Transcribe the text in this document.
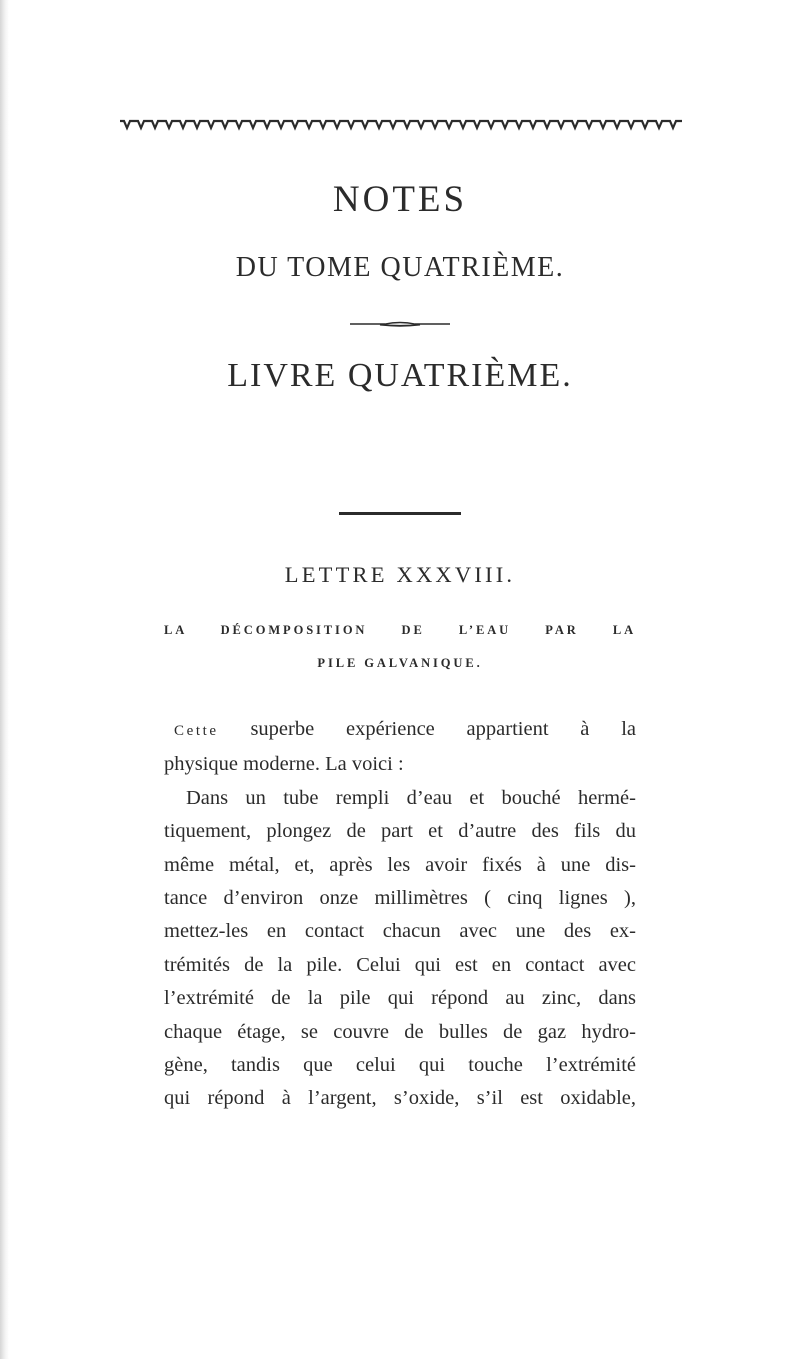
NOTES
DU TOME QUATRIÈME.
LIVRE QUATRIÈME.
LETTRE XXXVIII.
LA DÉCOMPOSITION DE L’EAU PAR LA
PILE GALVANIQUE.
Cette superbe expérience appartient à la
physique moderne. La voici :
Dans un tube rempli d’eau et bouché hermé-
tiquement, plongez de part et d’autre des fils du
même métal, et, après les avoir fixés à une dis-
tance d’environ onze millimètres ( cinq lignes ),
mettez-les en contact chacun avec une des ex-
trémités de la pile. Celui qui est en contact avec
l’extrémité de la pile qui répond au zinc, dans
chaque étage, se couvre de bulles de gaz hydro-
gène, tandis que celui qui touche l’extrémité
qui répond à l’argent, s’oxide, s’il est oxidable,
